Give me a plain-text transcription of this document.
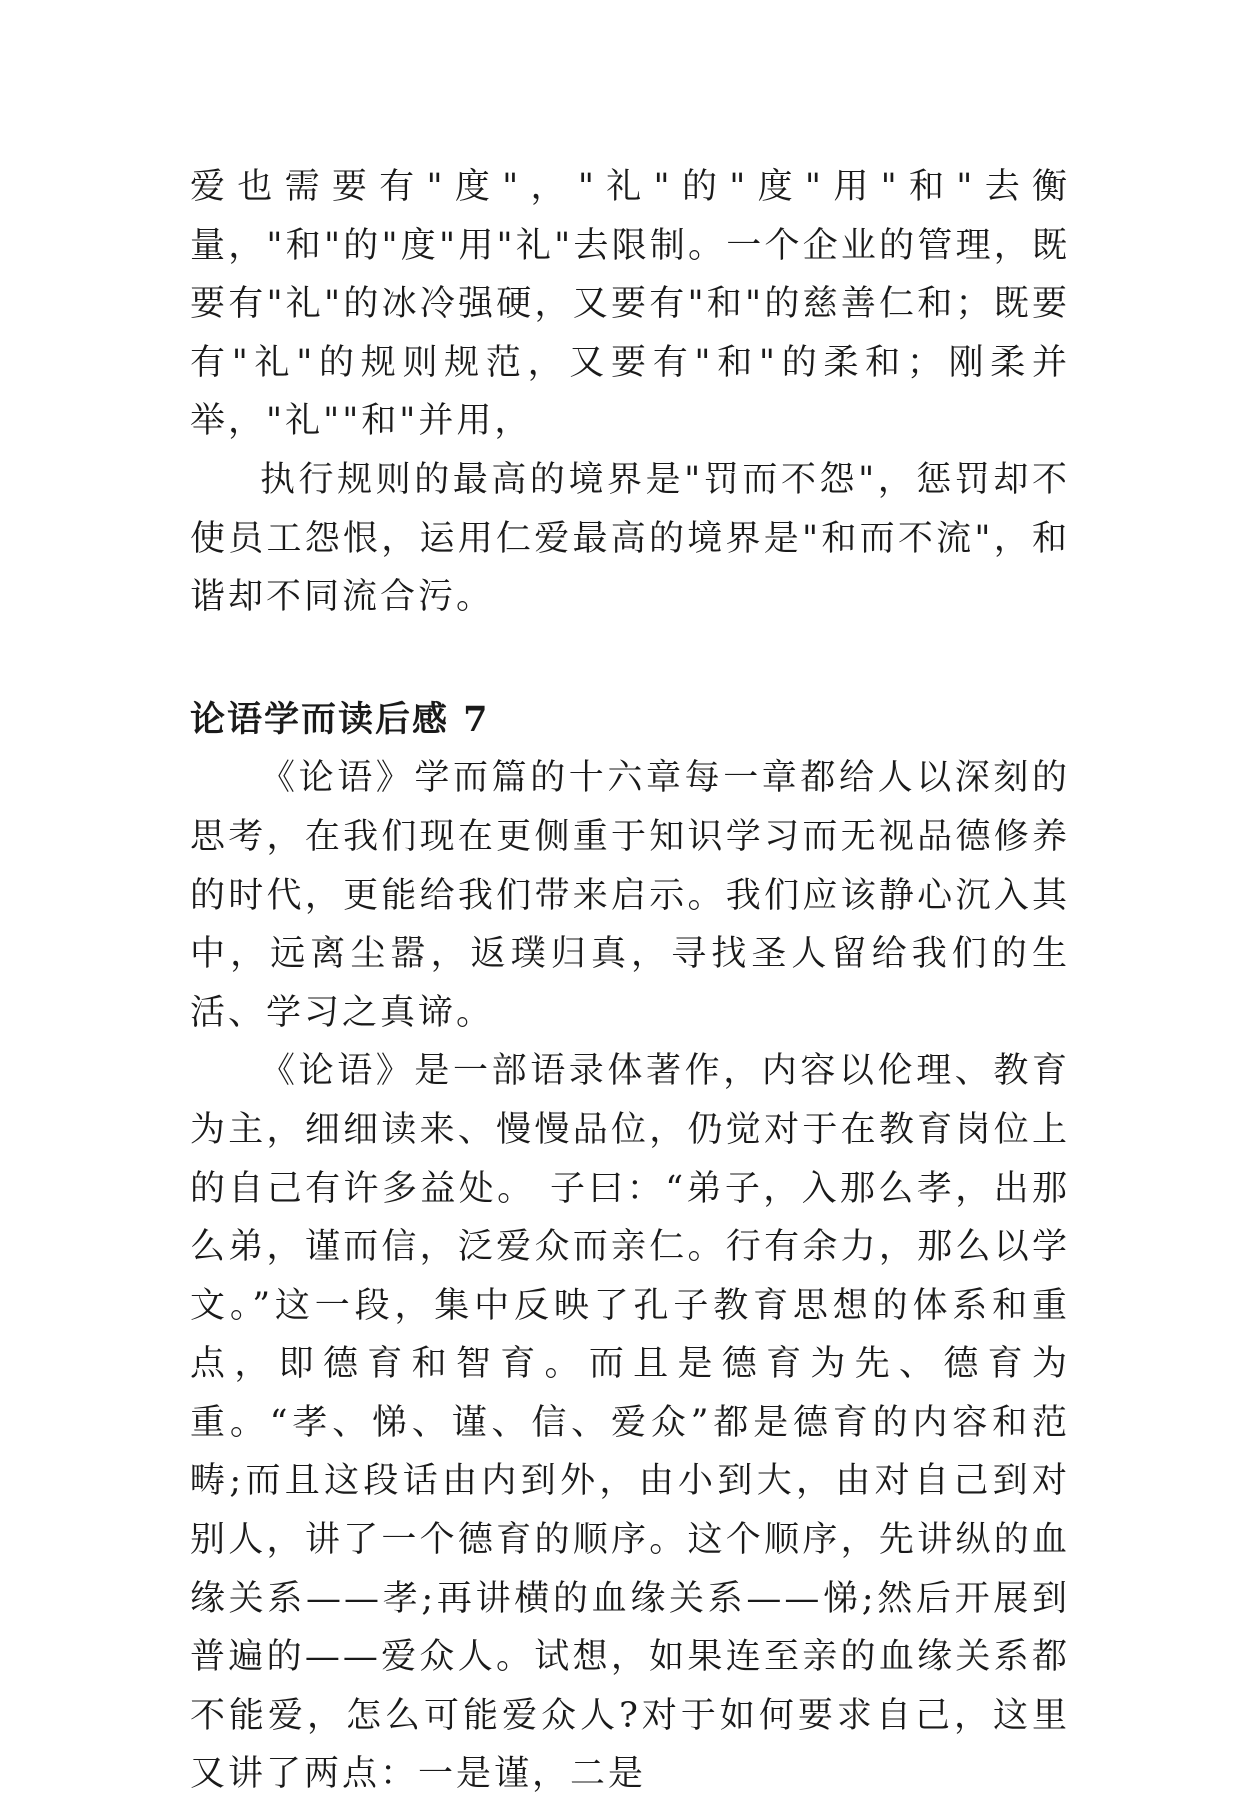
爱也需要有"度"，"礼"的"度"用"和"去衡量，"和"的"度"用"礼"去限制。一个企业的管理，既要有"礼"的冰冷强硬，又要有"和"的慈善仁和；既要有"礼"的规则规范，又要有"和"的柔和；刚柔并举，"礼""和"并用，

执行规则的最高的境界是"罚而不怨"，惩罚却不使员工怨恨，运用仁爱最高的境界是"和而不流"，和谐却不同流合污。

论语学而读后感 7

《论语》学而篇的十六章每一章都给人以深刻的思考，在我们现在更侧重于知识学习而无视品德修养的时代，更能给我们带来启示。我们应该静心沉入其中，远离尘嚣，返璞归真，寻找圣人留给我们的生活、学习之真谛。

《论语》是一部语录体著作，内容以伦理、教育为主，细细读来、慢慢品位，仍觉对于在教育岗位上的自己有许多益处。 子曰：“弟子，入那么孝，出那么弟，谨而信，泛爱众而亲仁。行有余力，那么以学文。”这一段，集中反映了孔子教育思想的体系和重点，即德育和智育。而且是德育为先、德育为重。“孝、悌、谨、信、爱众”都是德育的内容和范畴;而且这段话由内到外，由小到大，由对自己到对别人，讲了一个德育的顺序。这个顺序，先讲纵的血缘关系——孝;再讲横的血缘关系——悌;然后开展到普遍的——爱众人。试想，如果连至亲的血缘关系都不能爱，怎么可能爱众人?对于如何要求自己，这里又讲了两点：一是谨，二是
